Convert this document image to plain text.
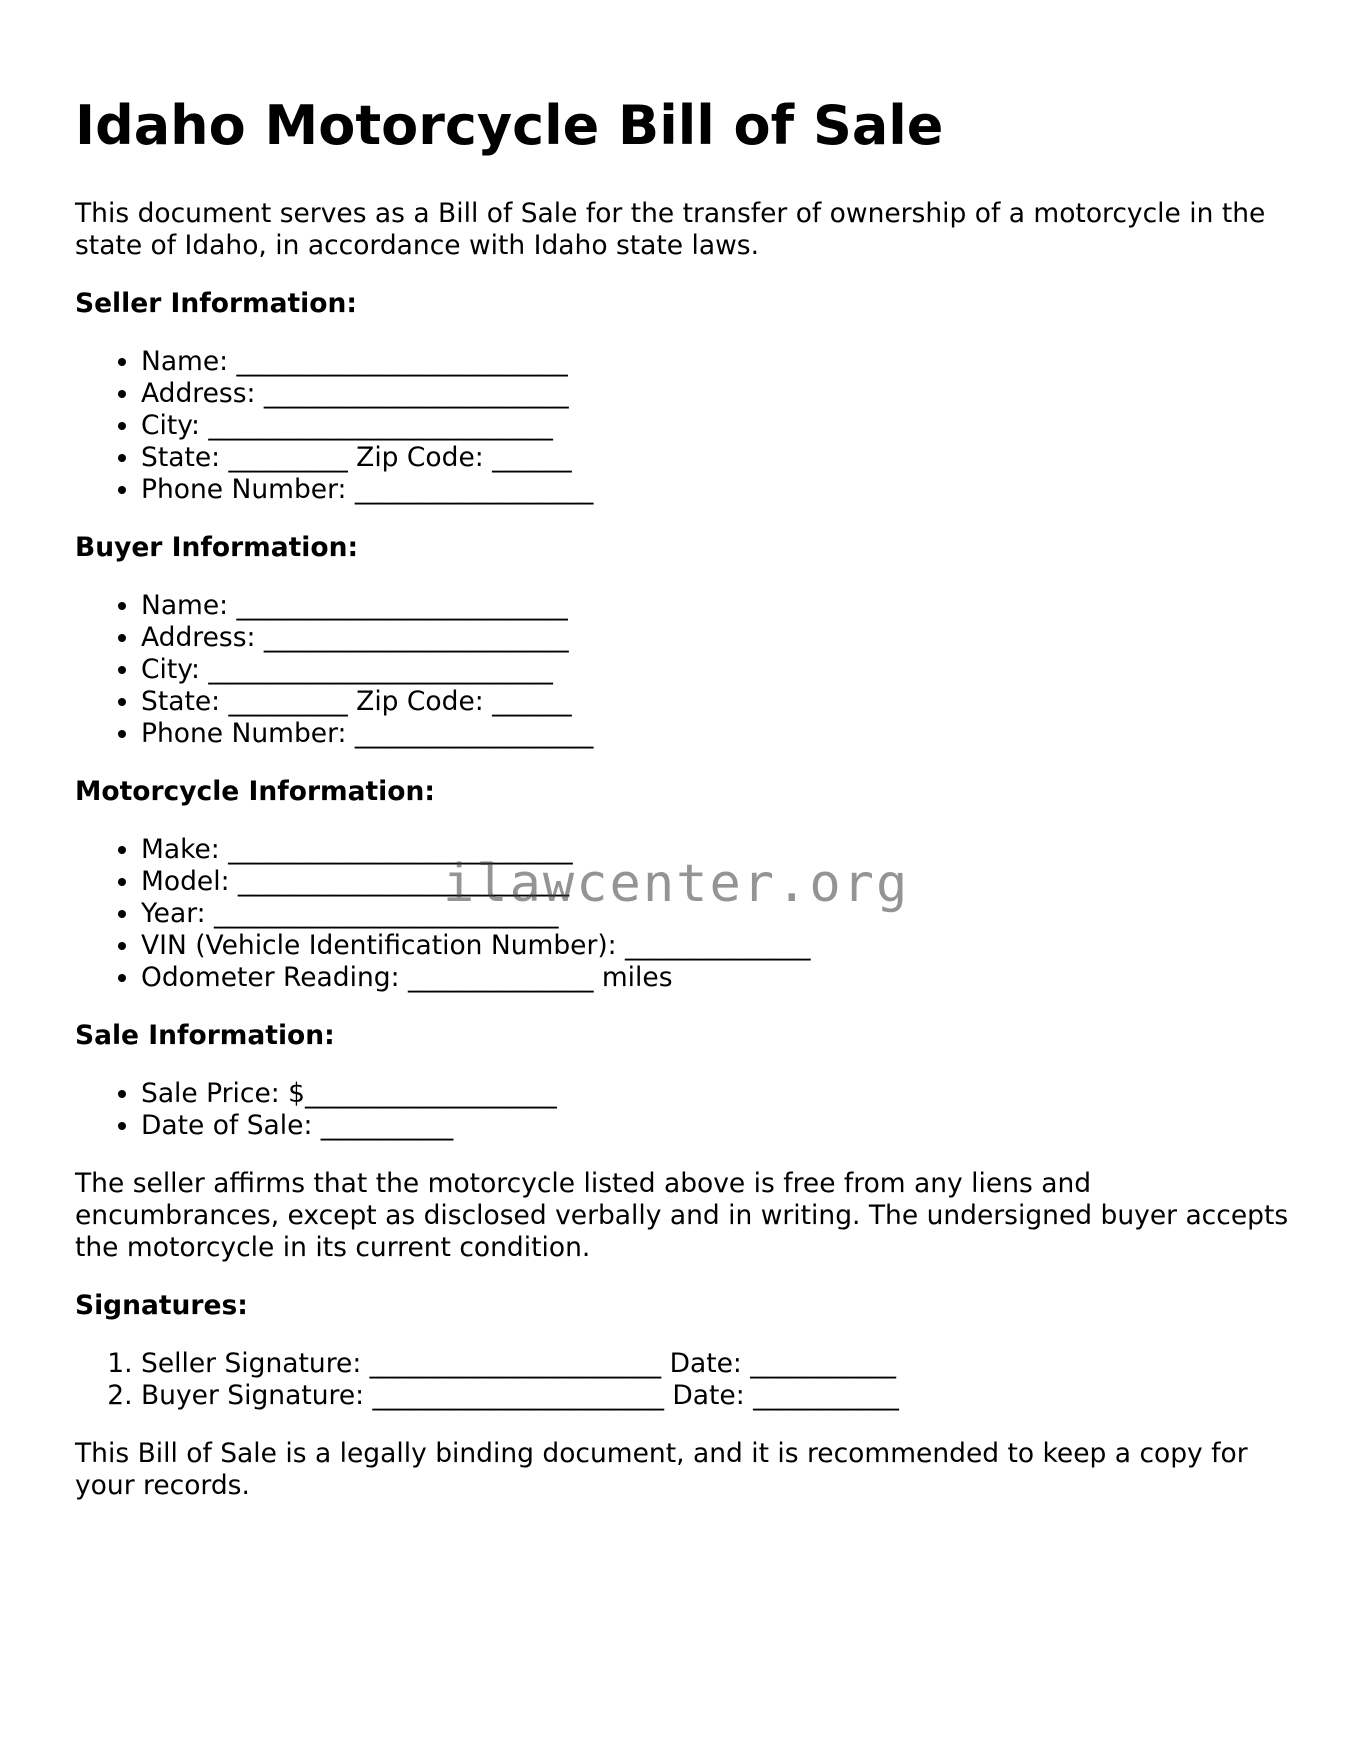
Idaho Motorcycle Bill of Sale

This document serves as a Bill of Sale for the transfer of ownership of a motorcycle in the state of Idaho, in accordance with Idaho state laws.

Seller Information:
• Name: _________________________
• Address: _______________________
• City: __________________________
• State: _________ Zip Code: ______
• Phone Number: __________________
Buyer Information:
• Name: _________________________
• Address: _______________________
• City: __________________________
• State: _________ Zip Code: ______
• Phone Number: __________________
Motorcycle Information:
• Make: __________________________
• Model: _________________________
• Year: __________________________
• VIN (Vehicle Identification Number): ______________
• Odometer Reading: ______________ miles
Sale Information:
• Sale Price: $___________________
• Date of Sale: __________

The seller affirms that the motorcycle listed above is free from any liens and encumbrances, except as disclosed verbally and in writing. The undersigned buyer accepts the motorcycle in its current condition.

Signatures:
1. Seller Signature: ______________________ Date: ___________
2. Buyer Signature: ______________________ Date: ___________

This Bill of Sale is a legally binding document, and it is recommended to keep a copy for your records.

ilawcenter.org
